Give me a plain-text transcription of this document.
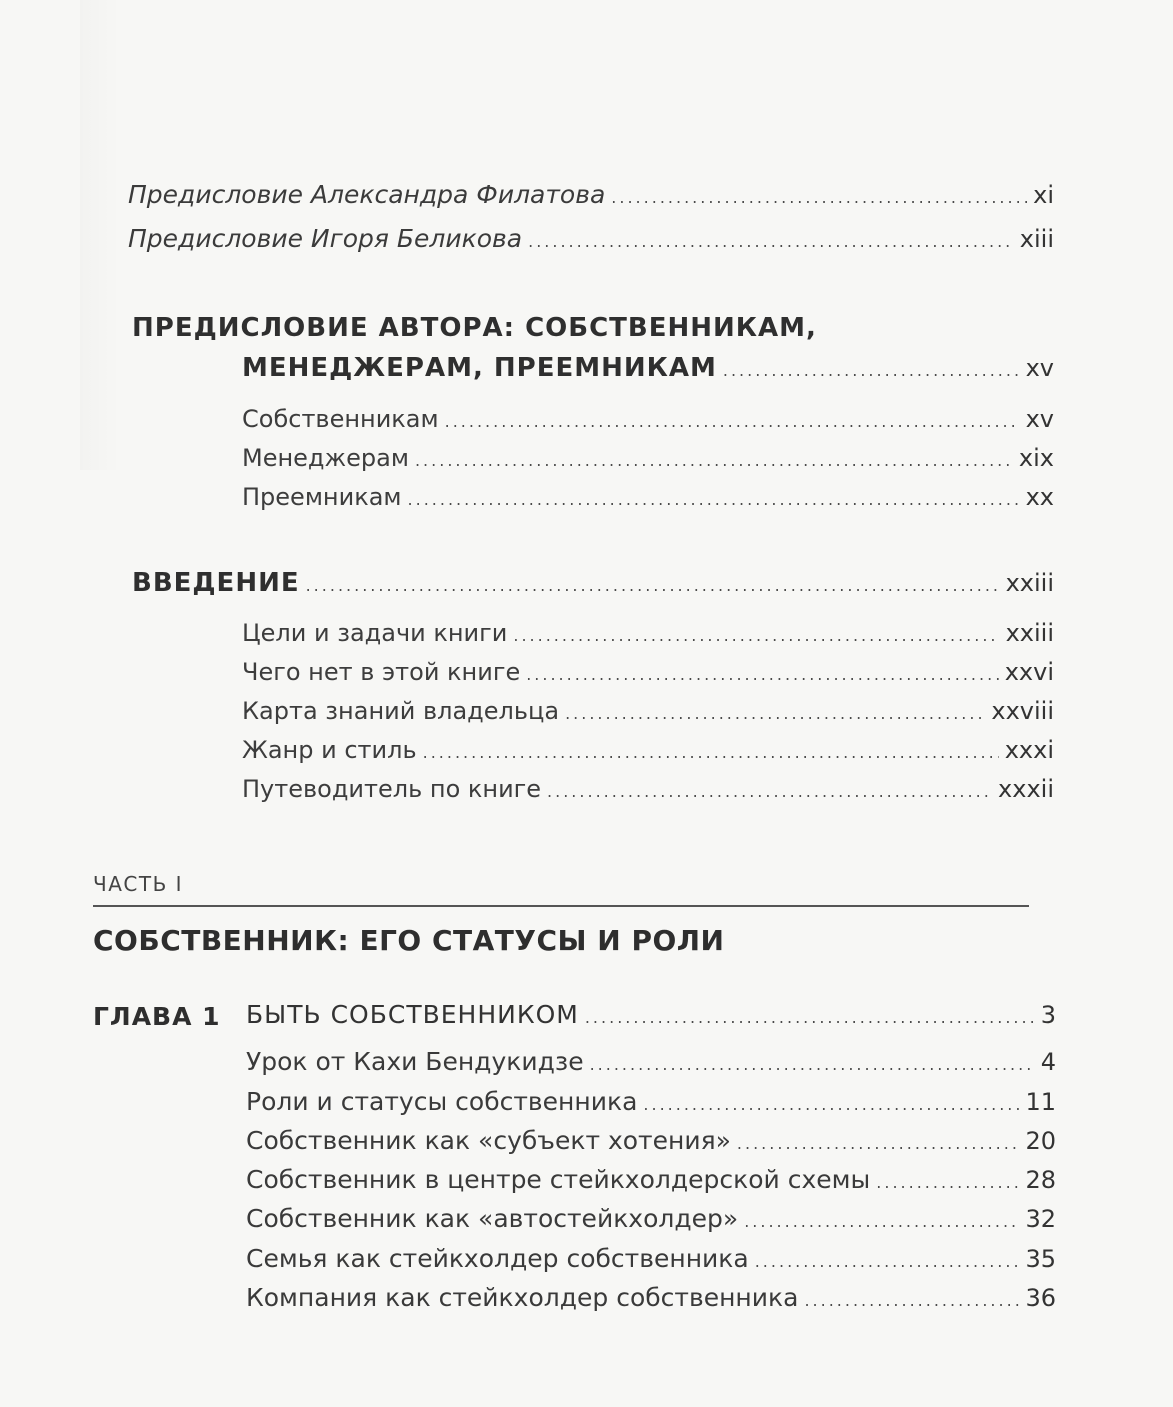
Предисловие Александра Филатова .....	xi
Предисловие Игоря Беликова .....	xiii
ПРЕДИСЛОВИЕ АВТОРА: СОБСТВЕННИКАМ,
МЕНЕДЖЕРАМ, ПРЕЕМНИКАМ .....	xv
Собственникам .....	xv
Менеджерам .....	xix
Преемникам .....	xx
ВВЕДЕНИЕ .....	xxiii
Цели и задачи книги .....	xxiii
Чего нет в этой книге .....	xxvi
Карта знаний владельца .....	xxviii
Жанр и стиль .....	xxxi
Путеводитель по книге .....	xxxii
ЧАСТЬ I
СОБСТВЕННИК: ЕГО СТАТУСЫ И РОЛИ
ГЛАВА 1 БЫТЬ СОБСТВЕННИКОМ .....	3
Урок от Кахи Бендукидзе .....	4
Роли и статусы собственника .....	11
Собственник как «субъект хотения» .....	20
Собственник в центре стейкхолдерской схемы .....	28
Собственник как «автостейкхолдер» .....	32
Семья как стейкхолдер собственника .....	35
Компания как стейкхолдер собственника .....	36
